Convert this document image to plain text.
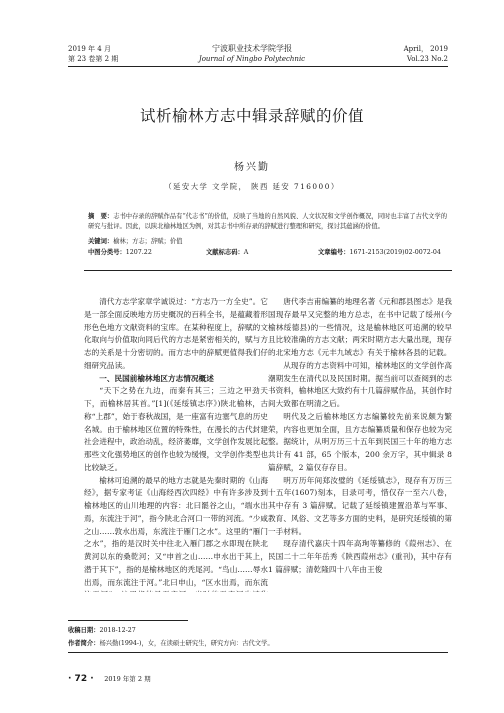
2019 年 4 月
第 23 卷第 2 期
宁波职业技术学院学报
Journal of Ningbo Polytechnic
April， 2019
Vol.23 No.2
试析榆林方志中辑录辞赋的价值
杨兴勤
（延安大学 文学院， 陕西 延安 716000）
摘　要：志书中存录的辞赋作品有“代志书”的价值，反映了当地的自然风貌、人文状况和文学创作概况，同时也丰富了古代文学的研究与批评。因此，以陕北榆林地区为例，对其志书中所存录的辞赋进行整理和研究，探讨其蕴涵的价值。
关键词：榆林；方志；辞赋；价值
中图分类号：1207.22	文献标志码：A	文章编号：1671-2153(2019)02-0072-04

清代方志学家章学诚说过：“方志乃一方全史”。它是一部全面反映地方历史概况的百科全书，是蕴藏着形形色色地方文献资料的宝库。在某种程度上，辞赋的文化取向与价值取向同后代的方志是紧密相关的，赋与方志的关系是十分密切的。而方志中的辞赋更值得我们仔细研究品读。

一、民国前榆林地区方志情况概述

“天下之势在九边，而秦有其三；三边之甲劲天下，而榆林居其首。”[1](《延绥镇志序》)陕北榆林，古称“上郡”，始于春秋战国，是一座富有边塞气息的历史名城。由于榆林地区位置的特殊性，在漫长的古代封建社会进程中，政治动乱，经济萎靡，文学创作发展比起那些文化强势地区的创作也较为缓慢，文学创作类型也比较缺乏。

榆林可追溯的最早的地方志就是先秦时期的《山海经》，据专家考证《山海经西次四经》中有许多涉及到榆林地区的山川地理的内容：北曰罷谷之山，“端水出焉，东流注于河”，指今陕北合河口一带的河流。“少咸之山……敦水出焉，东流注于雁门之水”。这里的“雁门之水”，指的是汉时关中往北入雁门郡之水即现在陕北黄河以东的桑乾河；又“申首之山……申水出于其上，潜于其下”，指的是榆林地区的秃尾河。“鸟山……辱水出焉，而东流注于河。”北曰申山，“区水出焉，而东流

唐代李吉甫编纂的地理名著《元和郡县图志》是我国现存最早又完整的地方总志，在书中记载了绥州(今榆林绥德县)的一些情况，这是榆林地区可追溯的较早且比较准确的方志文献；两宋时期方志大量出现，现存的北宋地方志《元丰九域志》有关于榆林各县的记载。

从现存的方志资料中可知，榆林地区的文学创作高潮期发生在清代以及民国时期。据当前可以查阅到的志书资料，榆林地区大致约有十几篇辞赋作品，其创作时间大致都在明清之后。

明代及之后榆林地区方志编纂较先前来说颇为繁荣，内容也更加全面，且方志编纂质量和保存也较为完整。据统计，从明万历三十五年到民国三十年的地方志共计有 41 部，65 个版本，200 余万字，其中辑录 8 篇辞赋，2 篇仅存存目。

明万历年间郑汝璧的《延绥镇志》，现存有万历三十五年(1607)刻本，目录可考，惜仅存一至六八卷，其中存有 3 篇辞赋。记载了延绥镇建置沿革与军事、教育、风俗、文艺等多方面的史料，是研究延绥镇的第一手材料。

现存清代嘉庆十四年高珣等纂修的《葭州志》、在民国二十二年年岳秀《陕西葭州志》(重刊)，其中存有 1 篇辞赋；清乾隆四十八年由王俊

收稿日期：2018-12-27
作者简介：杨兴勤(1994-)，女，在读硕士研究生，研究方向：古代文学。
· 72 · 2019 年第 2 期
